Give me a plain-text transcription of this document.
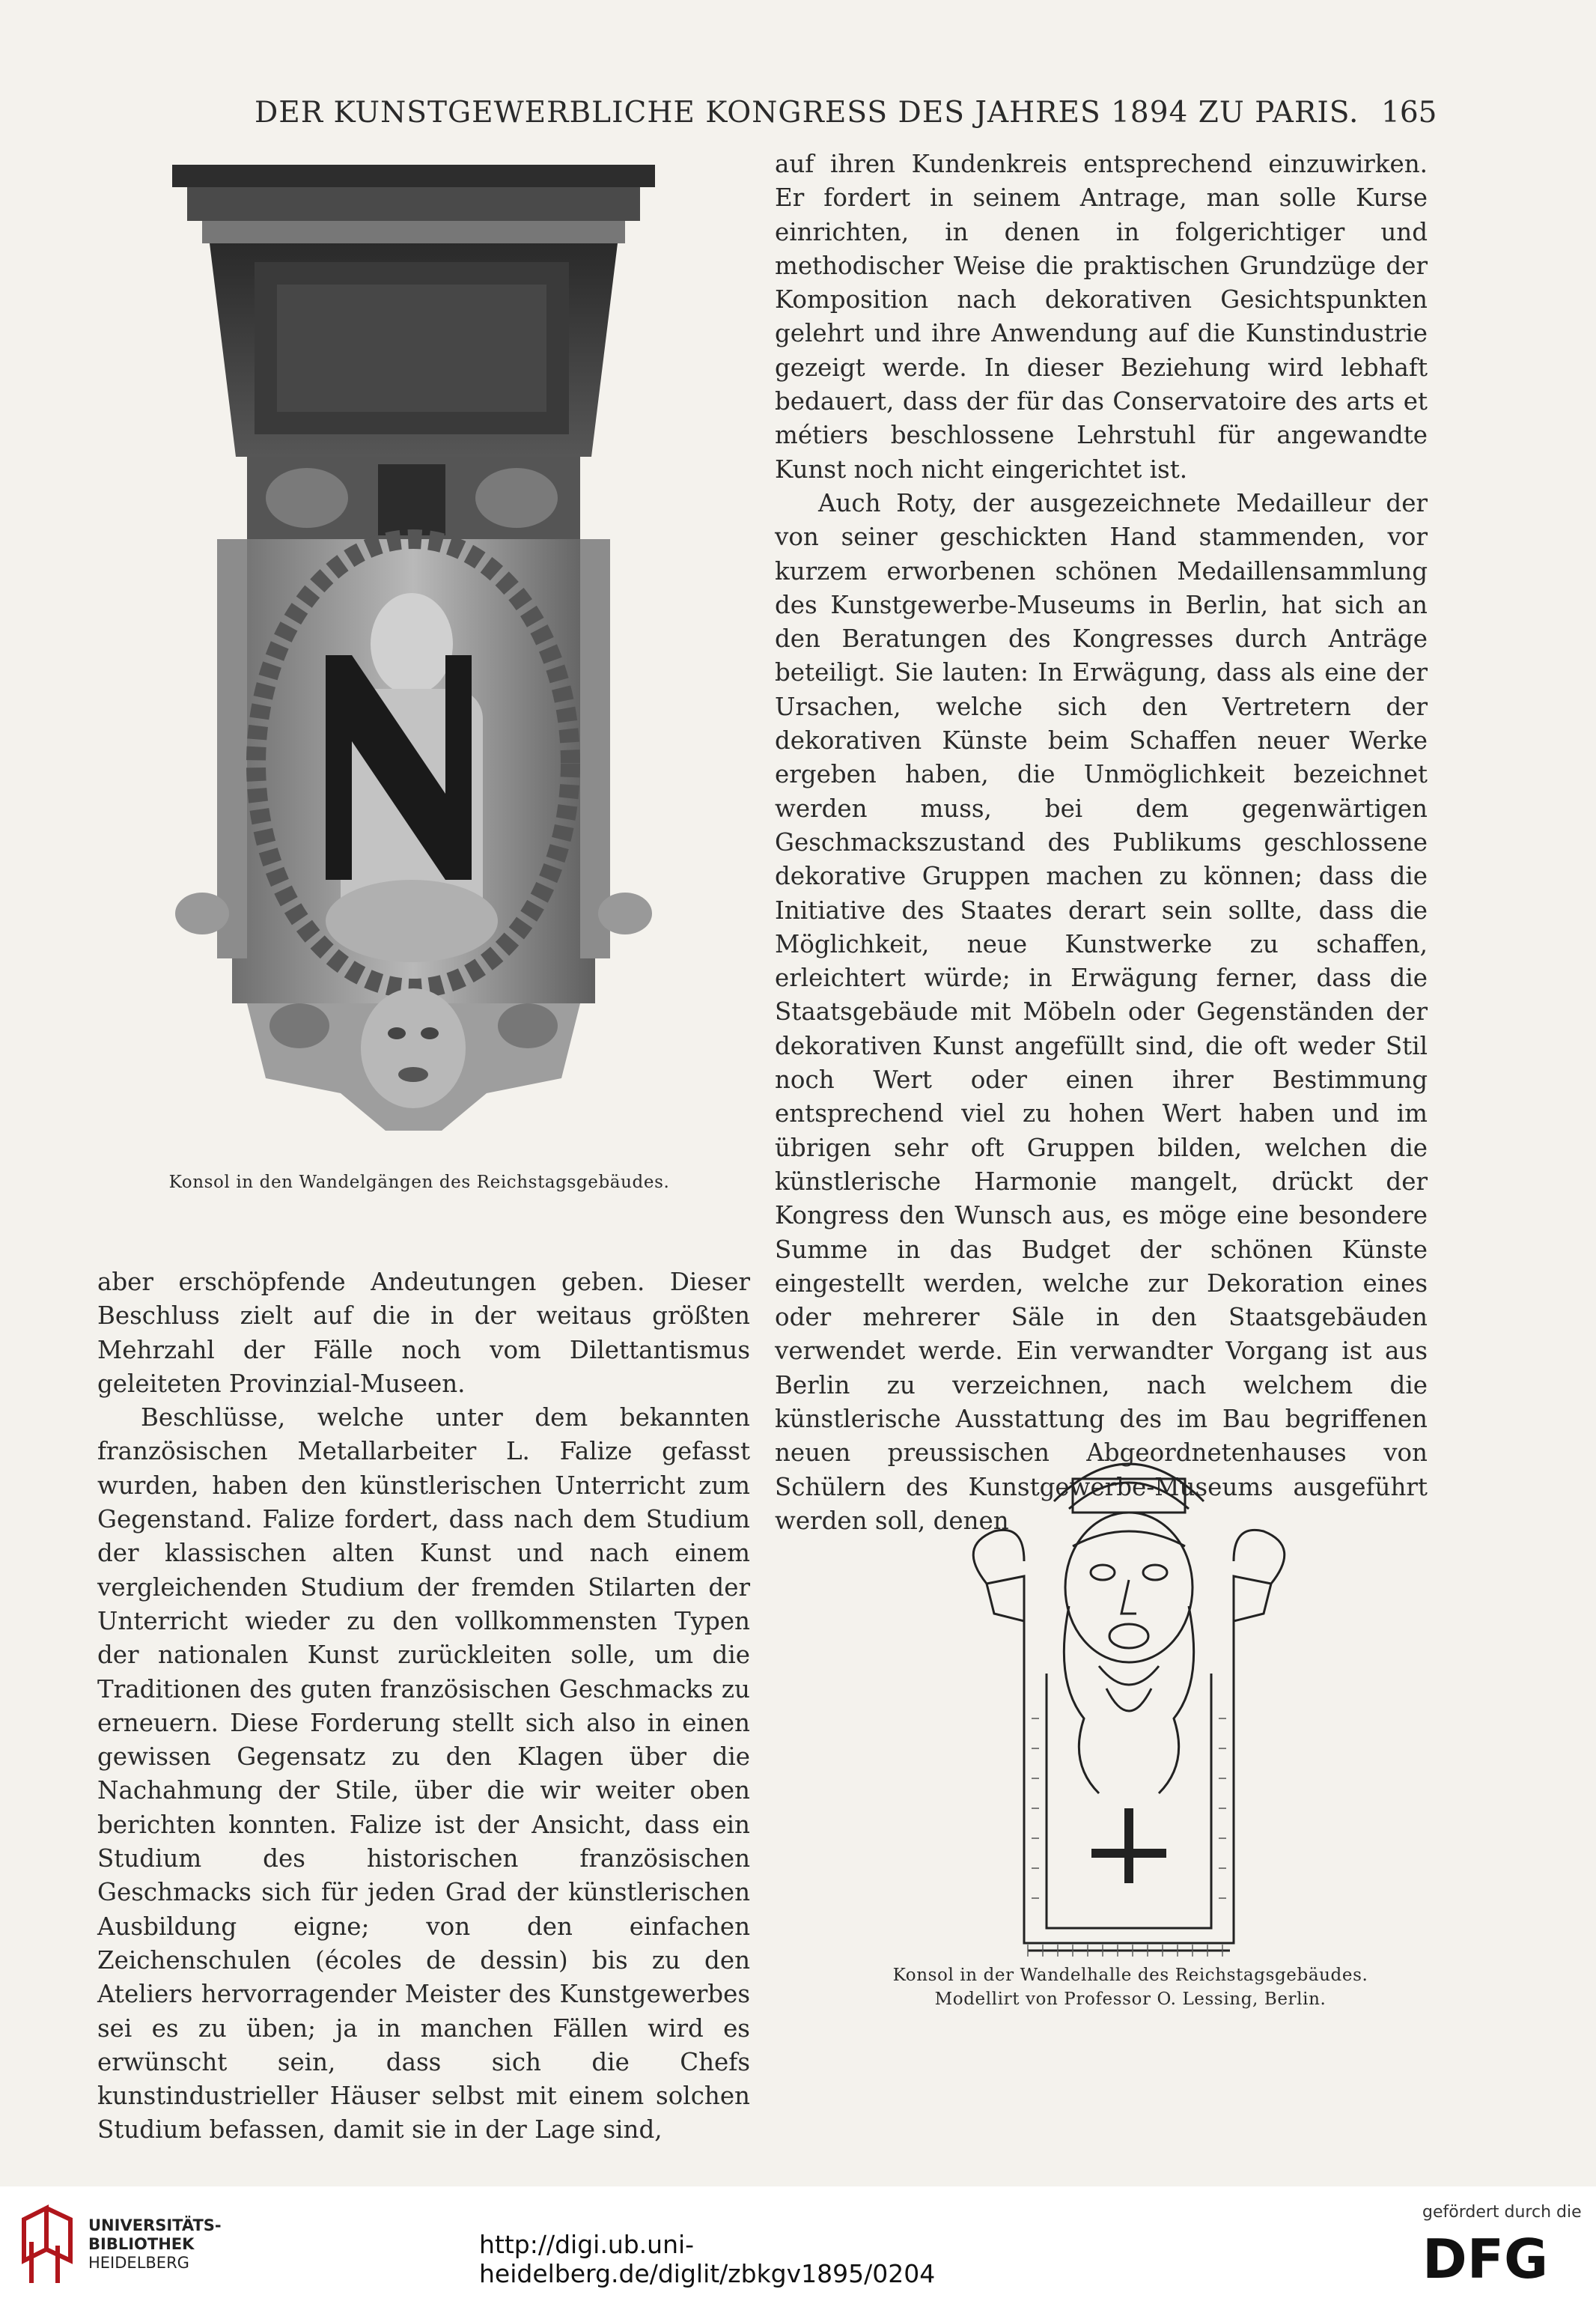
DER KUNSTGEWERBLICHE KONGRESS DES JAHRES 1894 ZU PARIS. 165
Konsol in den Wandelgängen des Reichstagsgebäudes.

auf ihren Kundenkreis entsprechend einzuwirken. Er fordert in seinem Antrage, man solle Kurse einrichten, in denen in folgerichtiger und methodischer Weise die praktischen Grundzüge der Komposition nach dekorativen Gesichtspunkten gelehrt und ihre Anwendung auf die Kunstindustrie gezeigt werde. In dieser Beziehung wird lebhaft bedauert, dass der für das Conservatoire des arts et métiers beschlossene Lehrstuhl für angewandte Kunst noch nicht eingerichtet ist.

Auch Roty, der ausgezeichnete Medailleur der von seiner geschickten Hand stammenden, vor kurzem erworbenen schönen Medaillensammlung des Kunstgewerbe-Museums in Berlin, hat sich an den Beratungen des Kongresses durch Anträge beteiligt. Sie lauten: In Erwägung, dass als eine der Ursachen, welche sich den Vertretern der dekorativen Künste beim Schaffen neuer Werke ergeben haben, die Unmöglichkeit bezeichnet werden muss, bei dem gegenwärtigen Geschmackszustand des Publikums geschlossene dekorative Gruppen machen zu können; dass die Initiative des Staates derart sein sollte, dass die Möglichkeit, neue Kunstwerke zu schaffen, erleichtert würde; in Erwägung ferner, dass die Staatsgebäude mit Möbeln oder Gegenständen der dekorativen Kunst angefüllt sind, die oft weder Stil noch Wert oder einen ihrer Bestimmung entsprechend viel zu hohen Wert haben und im übrigen sehr oft Gruppen bilden, welchen die künstlerische Harmonie mangelt, drückt der Kongress den Wunsch aus, es möge eine besondere Summe in das Budget der schönen Künste eingestellt werden, welche zur Dekoration eines oder mehrerer Säle in den Staatsgebäuden verwendet werde. Ein verwandter Vorgang ist aus Berlin zu verzeichnen, nach welchem die künstlerische Ausstattung des im Bau begriffenen neuen preussischen Abgeordnetenhauses von Schülern des Kunstgewerbe-Museums ausgeführt werden soll, denen

aber erschöpfende Andeutungen geben. Dieser Beschluss zielt auf die in der weitaus größten Mehrzahl der Fälle noch vom Dilettantismus geleiteten Provinzial-Museen.

Beschlüsse, welche unter dem bekannten französischen Metallarbeiter L. Falize gefasst wurden, haben den künstlerischen Unterricht zum Gegenstand. Falize fordert, dass nach dem Studium der klassischen alten Kunst und nach einem vergleichenden Studium der fremden Stilarten der Unterricht wieder zu den vollkommensten Typen der nationalen Kunst zurückleiten solle, um die Traditionen des guten französischen Geschmacks zu erneuern. Diese Forderung stellt sich also in einen gewissen Gegensatz zu den Klagen über die Nachahmung der Stile, über die wir weiter oben berichten konnten. Falize ist der Ansicht, dass ein Studium des historischen französischen Geschmacks sich für jeden Grad der künstlerischen Ausbildung eigne; von den einfachen Zeichenschulen (écoles de dessin) bis zu den Ateliers hervorragender Meister des Kunstgewerbes sei es zu üben; ja in manchen Fällen wird es erwünscht sein, dass sich die Chefs kunstindustrieller Häuser selbst mit einem solchen Studium befassen, damit sie in der Lage sind,

Konsol in der Wandelhalle des Reichstagsgebäudes.
Modellirt von Professor O. Lessing, Berlin.
UNIVERSITÄTS-
BIBLIOTHEK
HEIDELBERG
http://digi.ub.uni-heidelberg.de/diglit/zbkgv1895/0204
gefördert durch die
DFG
